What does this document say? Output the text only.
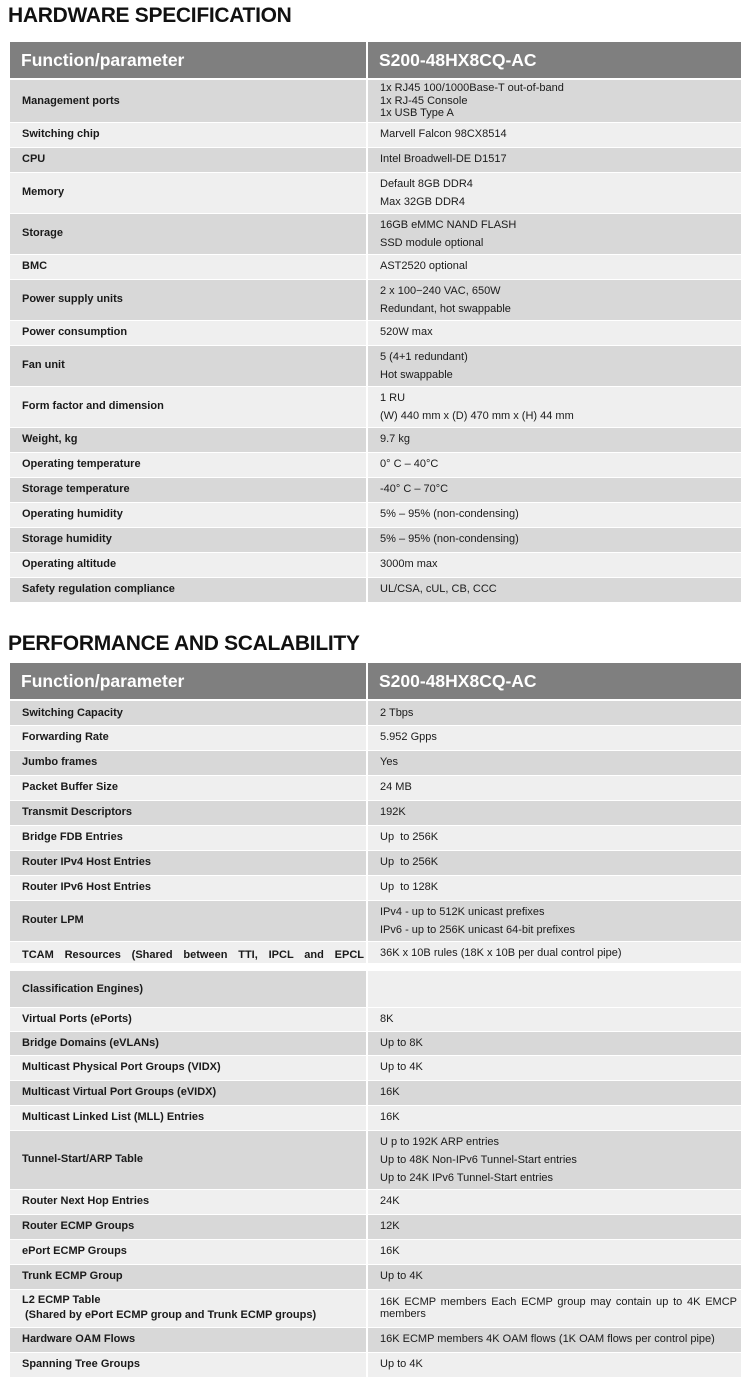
HARDWARE SPECIFICATION
Function/parameter	S200-48HX8CQ-AC
Management ports	1x RJ45 100/1000Base-T out-of-band
1x RJ-45 Console
1x USB Type A

Switching chip	Marvell Falcon 98CX8514
CPU	Intel Broadwell-DE D1517
Memory	Default 8GB DDR4
Max 32GB DDR4

Storage	16GB eMMC NAND FLASH
SSD module optional

BMC	AST2520 optional
Power supply units	2 x 100−240 VAC, 650W
Redundant, hot swappable

Power consumption	520W max
Fan unit	5 (4+1 redundant)
Hot swappable

Form factor and dimension	1 RU
(W) 440 mm x (D) 470 mm x (H) 44 mm

Weight, kg	9.7 kg
Operating temperature	0° C – 40°C
Storage temperature	-40° C – 70°C
Operating humidity	5% – 95% (non-condensing)
Storage humidity	5% – 95% (non-condensing)
Operating altitude	3000m max
Safety regulation compliance	UL/CSA, cUL, CB, CCC
PERFORMANCE AND SCALABILITY
Function/parameter	S200-48HX8CQ-AC
Switching Capacity	2 Tbps
Forwarding Rate	5.952 Gpps
Jumbo frames	Yes
Packet Buffer Size	24 MB
Transmit Descriptors	192K
Bridge FDB Entries	Up  to 256K
Router IPv4 Host Entries	Up  to 256K
Router IPv6 Host Entries	Up  to 128K
Router LPM	IPv4 - up to 512K unicast prefixes
IPv6 - up to 256K unicast 64-bit prefixes

TCAM Resources (Shared between TTI, IPCL and EPCL	36K x 10B rules (18K x 10B per dual control pipe)
Classification Engines)	
Virtual Ports (ePorts)	8K
Bridge Domains (eVLANs)	Up to 8K
Multicast Physical Port Groups (VIDX)	Up to 4K
Multicast Virtual Port Groups (eVIDX)	16K
Multicast Linked List (MLL) Entries	16K
Tunnel-Start/ARP Table	U p to 192K ARP entries
Up to 48K Non-IPv6 Tunnel-Start entries
Up to 24K IPv6 Tunnel-Start entries

Router Next Hop Entries	24K
Router ECMP Groups	12K
ePort ECMP Groups	16K
Trunk ECMP Group	Up to 4K

L2 ECMP Table
(Shared by ePort ECMP group and Trunk ECMP groups)	16K ECMP members Each ECMP group may contain up to 4K EMCP members
Hardware OAM Flows	16K ECMP members 4K OAM flows (1K OAM flows per control pipe)
Spanning Tree Groups	Up to 4K
